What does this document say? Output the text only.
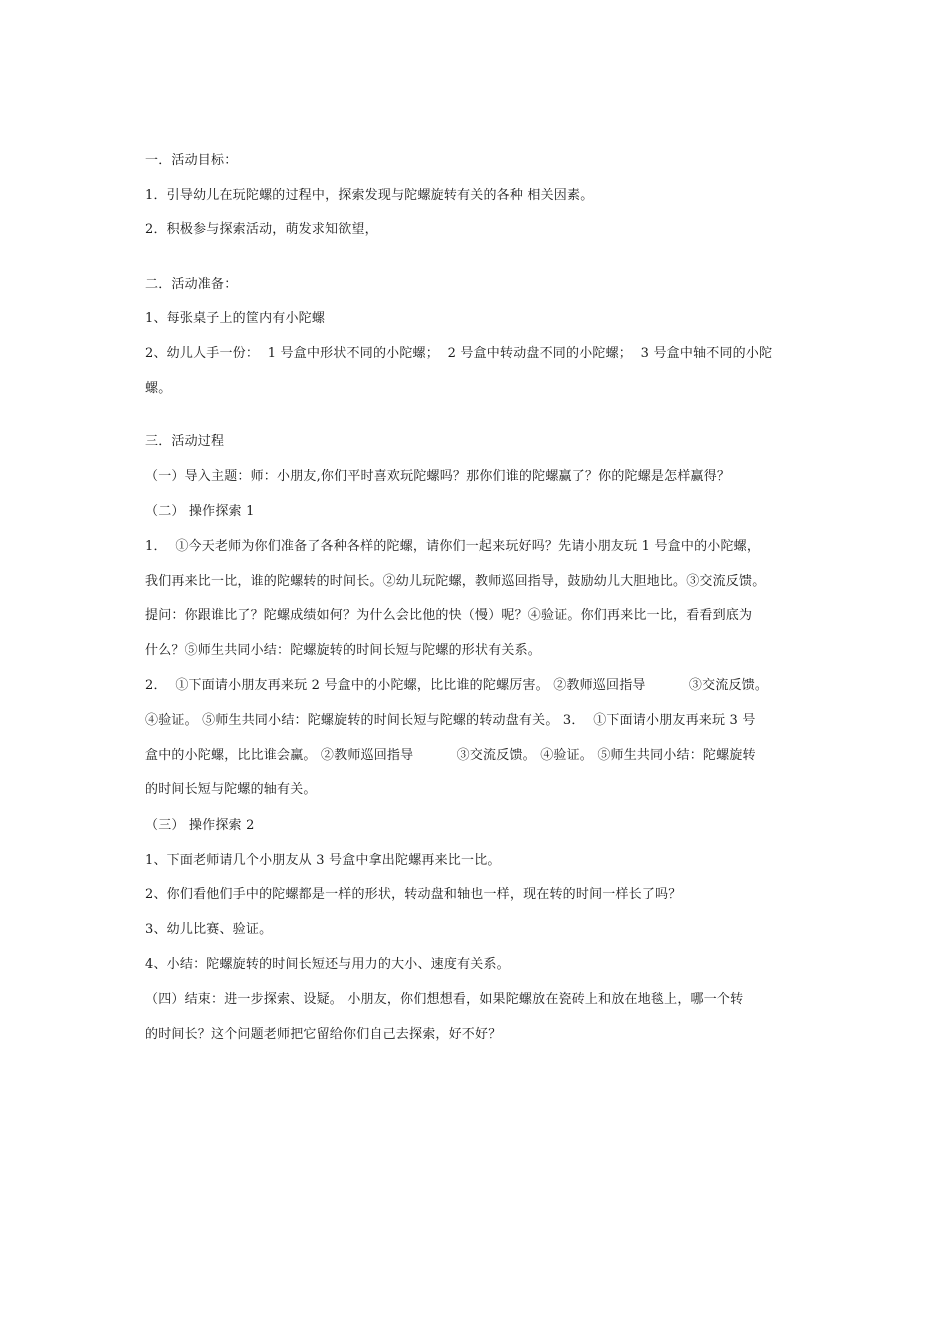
一．活动目标：
1．引导幼儿在玩陀螺的过程中，探索发现与陀螺旋转有关的各种 相关因素。
2．积极参与探索活动，萌发求知欲望，
二．活动准备：
1、每张桌子上的筐内有小陀螺
2、幼儿人手一份：  1 号盒中形状不同的小陀螺；  2 号盒中转动盘不同的小陀螺；  3 号盒中轴不同的小陀
螺。
三．活动过程
（一）导入主题：师：小朋友,你们平时喜欢玩陀螺吗？那你们谁的陀螺赢了？你的陀螺是怎样赢得？
（二） 操作探索 1
1．  ①今天老师为你们准备了各种各样的陀螺，请你们一起来玩好吗？先请小朋友玩 1 号盒中的小陀螺，
我们再来比一比，谁的陀螺转的时间长。②幼儿玩陀螺，教师巡回指导，鼓励幼儿大胆地比。③交流反馈。
提问：你跟谁比了？陀螺成绩如何？为什么会比他的快（慢）呢？④验证。你们再来比一比，看看到底为
什么？⑤师生共同小结：陀螺旋转的时间长短与陀螺的形状有关系。
2．  ①下面请小朋友再来玩 2 号盒中的小陀螺，比比谁的陀螺厉害。 ②教师巡回指导          ③交流反馈。
④验证。 ⑤师生共同小结：陀螺旋转的时间长短与陀螺的转动盘有关。 3．  ①下面请小朋友再来玩 3 号
盒中的小陀螺，比比谁会赢。 ②教师巡回指导          ③交流反馈。 ④验证。 ⑤师生共同小结：陀螺旋转
的时间长短与陀螺的轴有关。
（三） 操作探索 2
1、下面老师请几个小朋友从 3 号盒中拿出陀螺再来比一比。
2、你们看他们手中的陀螺都是一样的形状，转动盘和轴也一样，现在转的时间一样长了吗？
3、幼儿比赛、验证。
4、小结：陀螺旋转的时间长短还与用力的大小、速度有关系。
（四）结束：进一步探索、设疑。 小朋友，你们想想看，如果陀螺放在瓷砖上和放在地毯上，哪一个转
的时间长？这个问题老师把它留给你们自己去探索，好不好？
